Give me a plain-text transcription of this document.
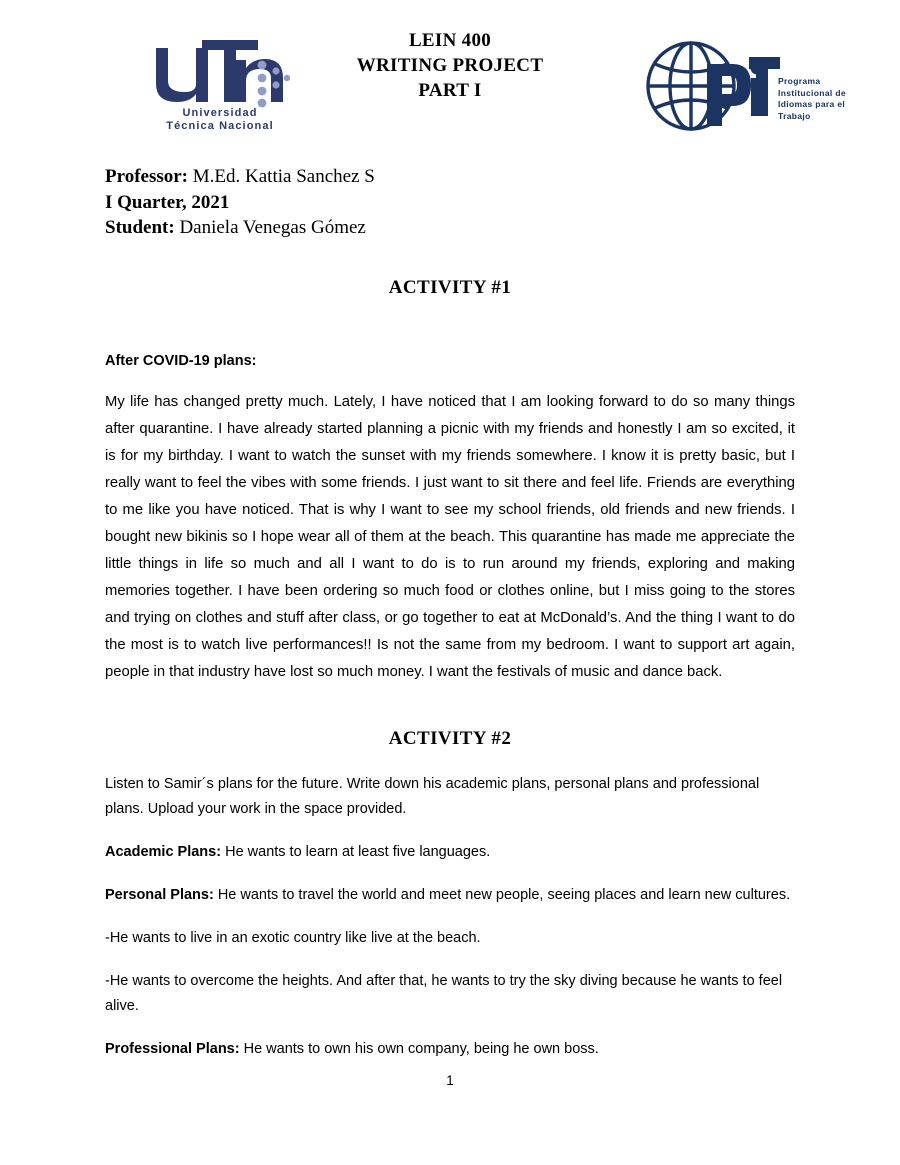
Universidad
Técnica Nacional
LEIN 400
WRITING PROJECT
PART I	Programa
Institucional de
Idiomas para el
Trabajo
Professor: M.Ed. Kattia Sanchez S
I Quarter, 2021
Student: Daniela Venegas Gómez
ACTIVITY #1
After COVID-19 plans:
My life has changed pretty much. Lately, I have noticed that I am looking forward to do so many things after quarantine. I have already started planning a picnic with my friends and honestly I am so excited, it is for my birthday. I want to watch the sunset with my friends somewhere. I know it is pretty basic, but I really want to feel the vibes with some friends. I just want to sit there and feel life. Friends are everything to me like you have noticed. That is why I want to see my school friends, old friends and new friends. I bought new bikinis so I hope wear all of them at the beach. This quarantine has made me appreciate the little things in life so much and all I want to do is to run around my friends, exploring and making memories together. I have been ordering so much food or clothes online, but I miss going to the stores and trying on clothes and stuff after class, or go together to eat at McDonald’s. And the thing I want to do the most is to watch live performances!! Is not the same from my bedroom. I want to support art again, people in that industry have lost so much money. I want the festivals of music and dance back.
ACTIVITY #2
Listen to Samir´s plans for the future. Write down his academic plans, personal plans and professional plans. Upload your work in the space provided.
Academic Plans: He wants to learn at least five languages.
Personal Plans: He wants to travel the world and meet new people, seeing places and learn new cultures.
-He wants to live in an exotic country like live at the beach.
-He wants to overcome the heights. And after that, he wants to try the sky diving because he wants to feel alive.
Professional Plans: He wants to own his own company, being he own boss.
1
